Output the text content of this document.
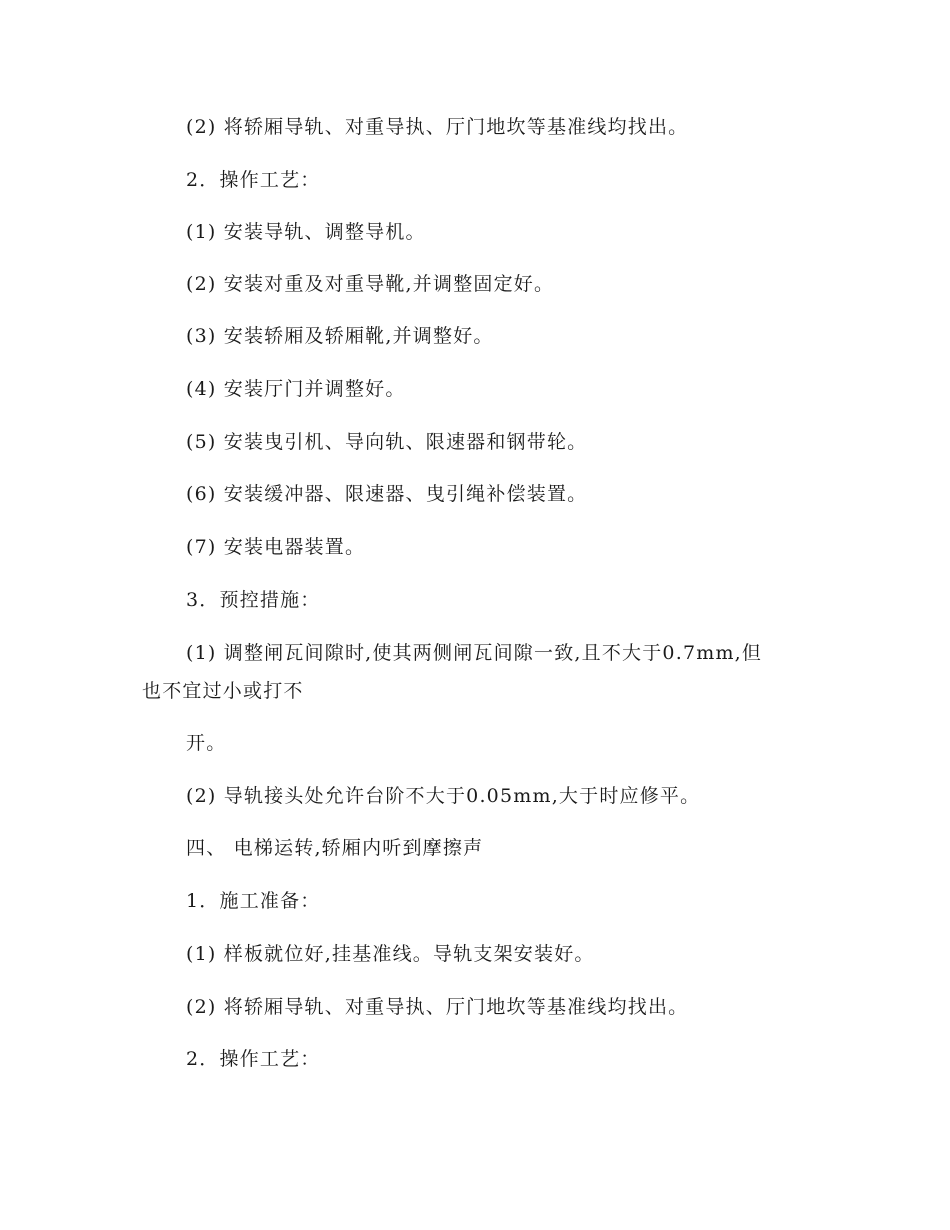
(2) 将轿厢导轨、对重导执、厅门地坎等基准线均找出。
2．操作工艺：
(1) 安装导轨、调整导机。
(2) 安装对重及对重导靴,并调整固定好。
(3) 安装轿厢及轿厢靴,并调整好。
(4) 安装厅门并调整好。
(5) 安装曳引机、导向轨、限速器和钢带轮。
(6) 安装缓冲器、限速器、曳引绳补偿装置。
(7) 安装电器装置。
3．预控措施：
(1) 调整闸瓦间隙时,使其两侧闸瓦间隙一致,且不大于0.7mm,但
也不宜过小或打不
开。
(2) 导轨接头处允许台阶不大于0.05mm,大于时应修平。
四、 电梯运转,轿厢内听到摩擦声
1．施工准备：
(1) 样板就位好,挂基准线。导轨支架安装好。
(2) 将轿厢导轨、对重导执、厅门地坎等基准线均找出。
2．操作工艺：
